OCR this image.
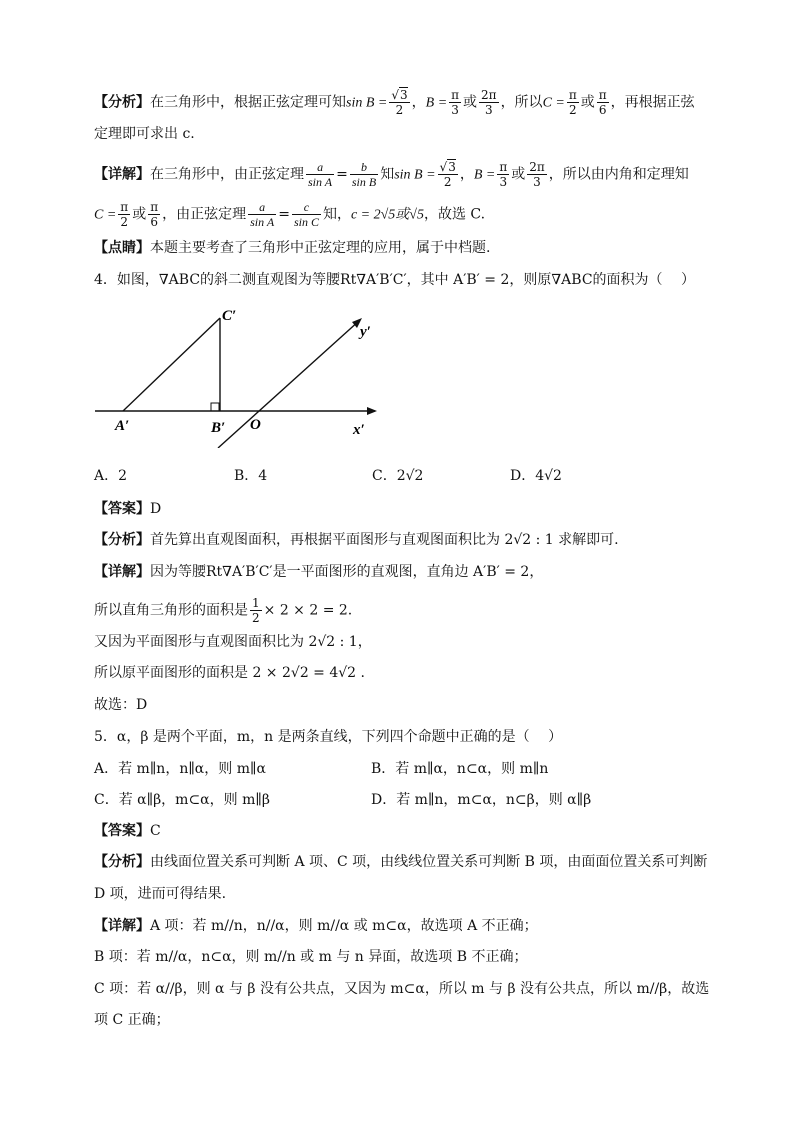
【分析】在三角形中，根据正弦定理可知$\sin B = \frac{√3}{2}$ ，$B = \frac{\pi}{3}$ 或 $\frac{2\pi}{3}$ ，所以$C = \frac{\pi}{2}$ 或 $\frac{\pi}{6}$ ，再根据正弦
定理即可求出 c.
【详解】在三角形中，由正弦定理 $\frac{a}{\text{sin A}} = \frac{b}{\text{sin B}}$ 知$\sin B = \frac{√3}{2}$ ，$B = \frac{\pi}{3}$ 或 $\frac{2\pi}{3}$ ，所以由内角和定理知
$C = \frac{\pi}{2}$ 或 $\frac{\pi}{6}$ ，由正弦定理 $\frac{a}{\text{sin A}} = \frac{c}{\text{sin C}}$ 知，c = 2√5或√5，故选 C.
【点睛】本题主要考查了三角形中正弦定理的应用，属于中档题.
4．如图，∇ABC的斜二测直观图为等腰Rt∇A′B′C′，其中 A′B′ = 2，则原∇ABC的面积为（　 ）
C′
y′
A′	B′ O	x′
A．2	B．4	C．2√2	D．4√2
【答案】D
【分析】首先算出直观图面积，再根据平面图形与直观图面积比为 2√2 : 1 求解即可.
【详解】因为等腰Rt∇A′B′C′是一平面图形的直观图，直角边 A′B′ = 2，
所以直角三角形的面积是 $\frac{1}{2} \times 2 \times 2 = 2$.
又因为平面图形与直观图面积比为 2√2 : 1，
所以原平面图形的面积是 2 × 2√2 = 4√2 .
故选：D
5．α，β 是两个平面，m，n 是两条直线，下列四个命题中正确的是（　 ）
A．若 m∥n，n∥α，则 m∥α	B．若 m∥α，n⊂α，则 m∥n
C．若 α∥β，m⊂α，则 m∥β	D．若 m∥n，m⊂α，n⊂β，则 α∥β
【答案】C
【分析】由线面位置关系可判断 A 项、C 项，由线线位置关系可判断 B 项，由面面位置关系可判断
D 项，进而可得结果.
【详解】A 项：若 m//n，n//α，则 m//α 或 m⊂α，故选项 A 不正确；
B 项：若 m//α，n⊂α，则 m//n 或 m 与 n 异面，故选项 B 不正确；
C 项：若 α//β，则 α 与 β 没有公共点，又因为 m⊂α，所以 m 与 β 没有公共点，所以 m//β，故选
项 C 正确；
